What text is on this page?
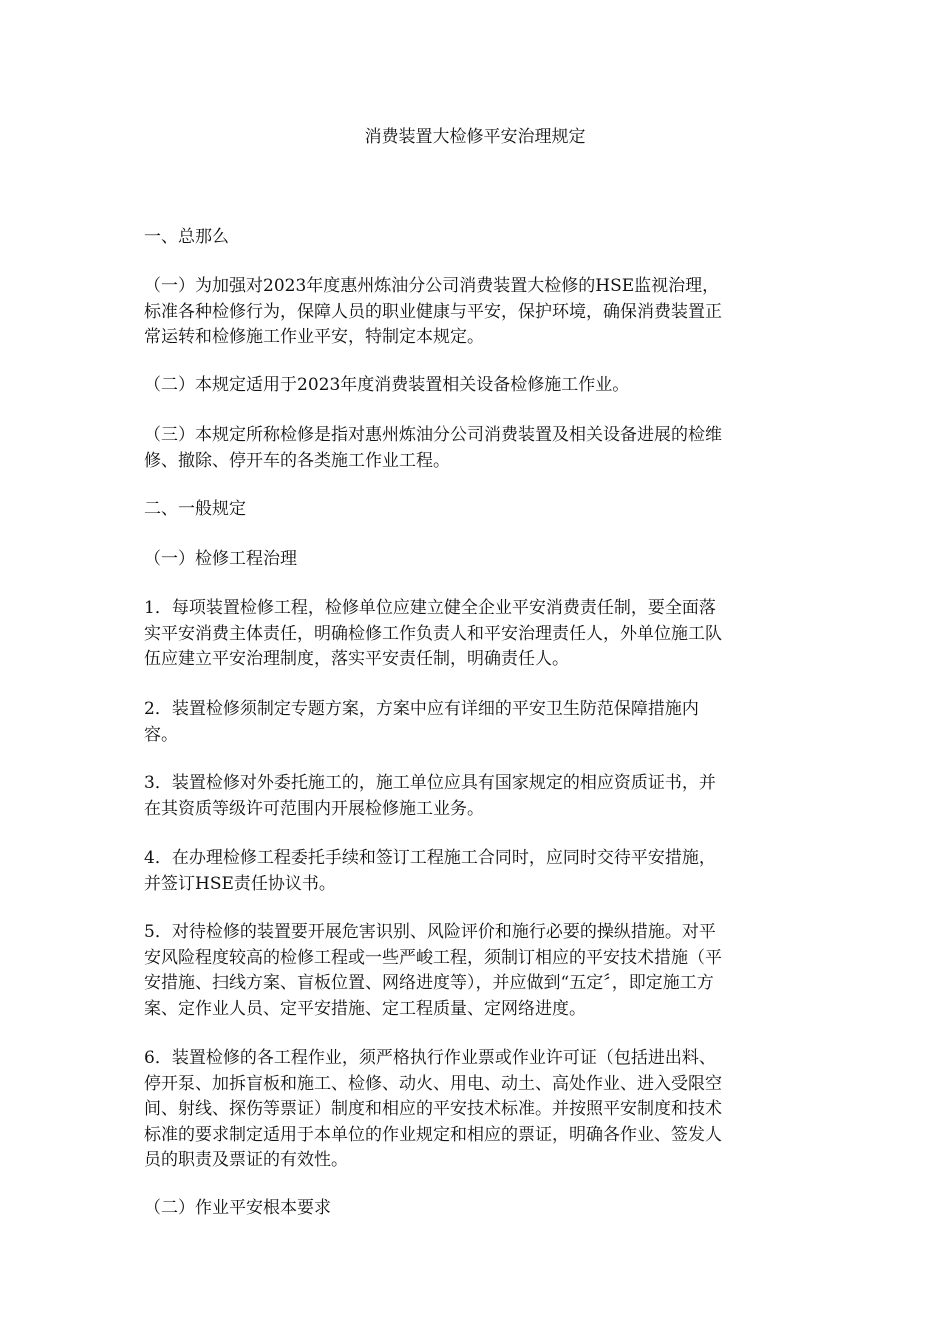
消费装置大检修平安治理规定
一、总那么
（一）为加强对2023年度惠州炼油分公司消费装置大检修的HSE监视治理，
标准各种检修行为，保障人员的职业健康与平安，保护环境，确保消费装置正
常运转和检修施工作业平安，特制定本规定。
（二）本规定适用于2023年度消费装置相关设备检修施工作业。
（三）本规定所称检修是指对惠州炼油分公司消费装置及相关设备进展的检维
修、撤除、停开车的各类施工作业工程。
二、一般规定
（一）检修工程治理
1．每项装置检修工程，检修单位应建立健全企业平安消费责任制，要全面落
实平安消费主体责任，明确检修工作负责人和平安治理责任人，外单位施工队
伍应建立平安治理制度，落实平安责任制，明确责任人。
2．装置检修须制定专题方案，方案中应有详细的平安卫生防范保障措施内
容。
3．装置检修对外委托施工的，施工单位应具有国家规定的相应资质证书，并
在其资质等级许可范围内开展检修施工业务。
4．在办理检修工程委托手续和签订工程施工合同时，应同时交待平安措施，
并签订HSE责任协议书。
5．对待检修的装置要开展危害识别、风险评价和施行必要的操纵措施。对平
安风险程度较高的检修工程或一些严峻工程，须制订相应的平安技术措施（平
安措施、扫线方案、盲板位置、网络进度等），并应做到“五定〞，即定施工方
案、定作业人员、定平安措施、定工程质量、定网络进度。
6．装置检修的各工程作业，须严格执行作业票或作业许可证（包括进出料、
停开泵、加拆盲板和施工、检修、动火、用电、动土、高处作业、进入受限空
间、射线、探伤等票证）制度和相应的平安技术标准。并按照平安制度和技术
标准的要求制定适用于本单位的作业规定和相应的票证，明确各作业、签发人
员的职责及票证的有效性。
（二）作业平安根本要求
